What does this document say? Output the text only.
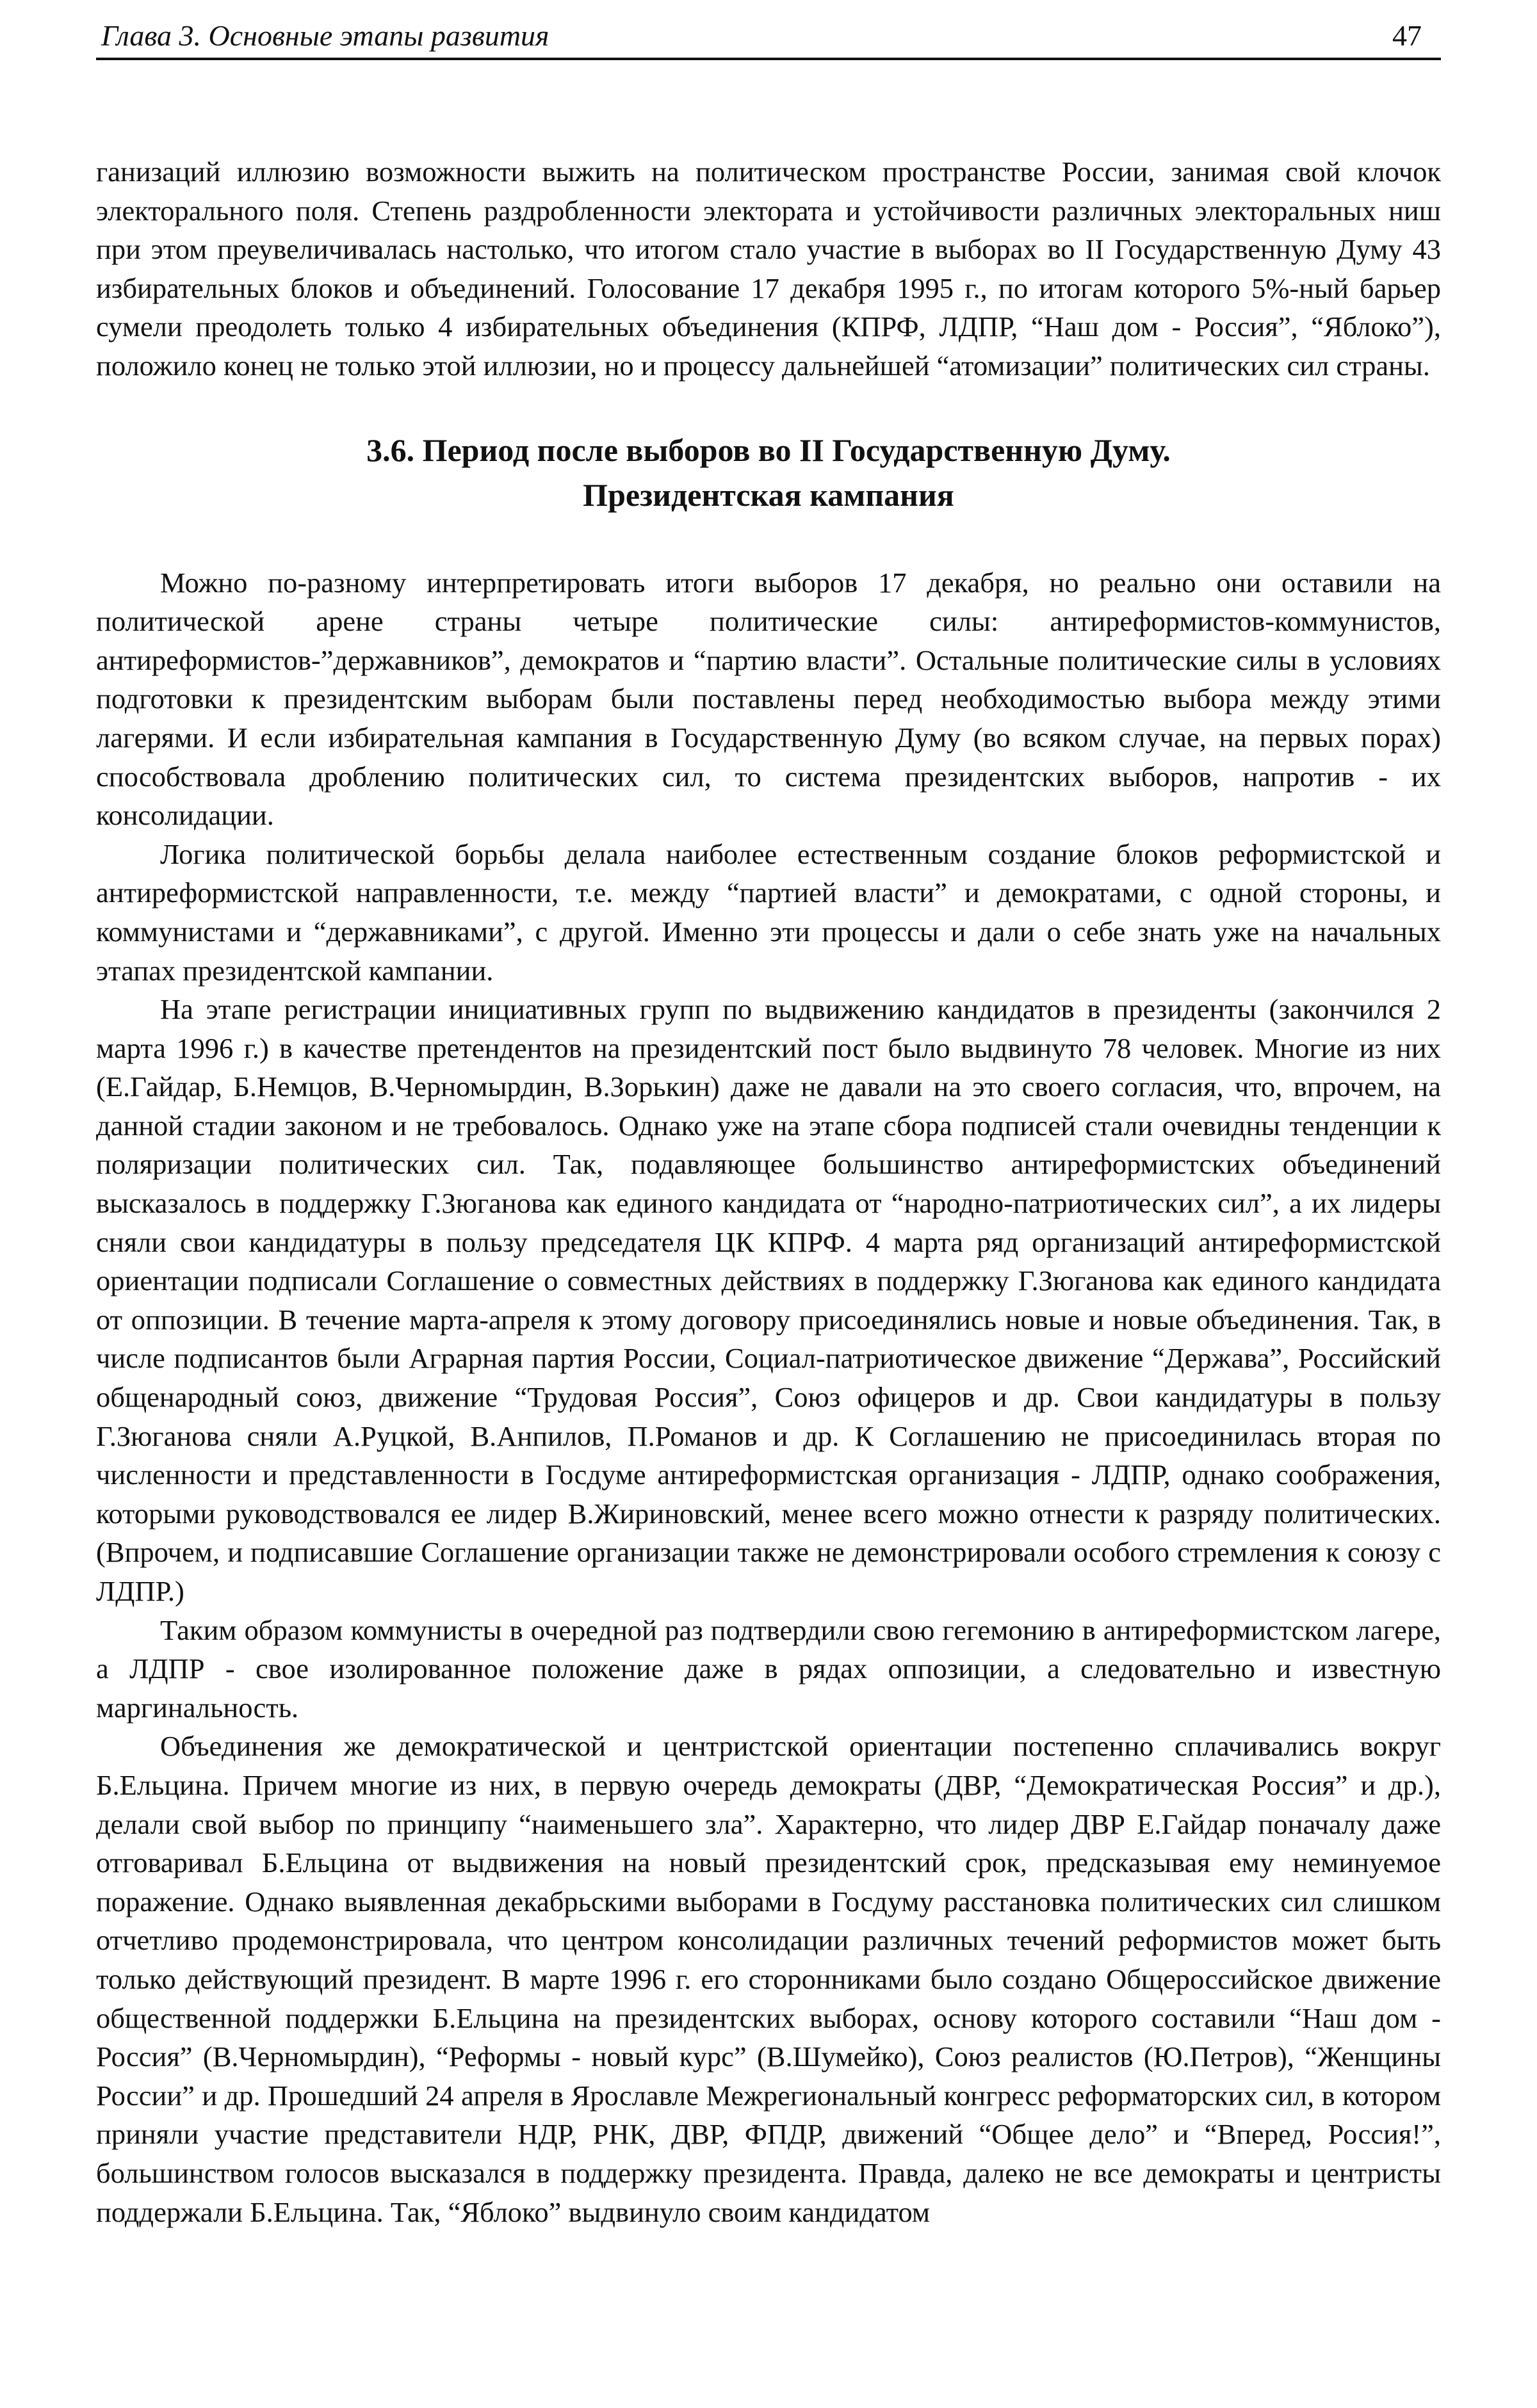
Глава 3. Основные этапы развития	47

ганизаций иллюзию возможности выжить на политическом пространстве России, занимая свой клочок электорального поля. Степень раздробленности электората и устойчивости различных электоральных ниш при этом преувеличивалась настолько, что итогом стало участие в выборах во II Государственную Думу 43 избирательных блоков и объединений. Голосование 17 декабря 1995 г., по итогам которого 5%-ный барьер сумели преодолеть только 4 избирательных объединения (КПРФ, ЛДПР, “Наш дом - Россия”, “Яблоко”), положило конец не только этой иллюзии, но и процессу дальнейшей “атомизации” политических сил страны.

3.6. Период после выборов во II Государственную Думу.
Президентская кампания

Можно по-разному интерпретировать итоги выборов 17 декабря, но реально они оставили на политической арене страны четыре политические силы: антиреформистов-коммунистов, антиреформистов-”державников”, демократов и “партию власти”. Остальные политические силы в условиях подготовки к президентским выборам были поставлены перед необходимостью выбора между этими лагерями. И если избирательная кампания в Государственную Думу (во всяком случае, на первых порах) способствовала дроблению политических сил, то система президентских выборов, напротив - их консолидации.

Логика политической борьбы делала наиболее естественным создание блоков реформистской и антиреформистской направленности, т.е. между “партией власти” и демократами, с одной стороны, и коммунистами и “державниками”, с другой. Именно эти процессы и дали о себе знать уже на начальных этапах президентской кампании.

На этапе регистрации инициативных групп по выдвижению кандидатов в президенты (закончился 2 марта 1996 г.) в качестве претендентов на президентский пост было выдвинуто 78 человек. Многие из них (Е.Гайдар, Б.Немцов, В.Черномырдин, В.Зорькин) даже не давали на это своего согласия, что, впрочем, на данной стадии законом и не требовалось. Однако уже на этапе сбора подписей стали очевидны тенденции к поляризации политических сил. Так, подавляющее большинство антиреформистских объединений высказалось в поддержку Г.Зюганова как единого кандидата от “народно-патриотических сил”, а их лидеры сняли свои кандидатуры в пользу председателя ЦК КПРФ. 4 марта ряд организаций антиреформистской ориентации подписали Соглашение о совместных действиях в поддержку Г.Зюганова как единого кандидата от оппозиции. В течение марта-апреля к этому договору присоединялись новые и новые объединения. Так, в числе подписантов были Аграрная партия России, Социал-патриотическое движение “Держава”, Российский общенародный союз, движение “Трудовая Россия”, Союз офицеров и др. Свои кандидатуры в пользу Г.Зюганова сняли А.Руцкой, В.Анпилов, П.Романов и др. К Соглашению не присоединилась вторая по численности и представленности в Госдуме антиреформистская организация - ЛДПР, однако соображения, которыми руководствовался ее лидер В.Жириновский, менее всего можно отнести к разряду политических. (Впрочем, и подписавшие Соглашение организации также не демонстрировали особого стремления к союзу с ЛДПР.)

Таким образом коммунисты в очередной раз подтвердили свою гегемонию в антиреформистском лагере, а ЛДПР - свое изолированное положение даже в рядах оппозиции, а следовательно и известную маргинальность.

Объединения же демократической и центристской ориентации постепенно сплачивались вокруг Б.Ельцина. Причем многие из них, в первую очередь демократы (ДВР, “Демократическая Россия” и др.), делали свой выбор по принципу “наименьшего зла”. Характерно, что лидер ДВР Е.Гайдар поначалу даже отговаривал Б.Ельцина от выдвижения на новый президентский срок, предсказывая ему неминуемое поражение. Однако выявленная декабрьскими выборами в Госдуму расстановка политических сил слишком отчетливо продемонстрировала, что центром консолидации различных течений реформистов может быть только действующий президент. В марте 1996 г. его сторонниками было создано Общероссийское движение общественной поддержки Б.Ельцина на президентских выборах, основу которого составили “Наш дом - Россия” (В.Черномырдин), “Реформы - новый курс” (В.Шумейко), Союз реалистов (Ю.Петров), “Женщины России” и др. Прошедший 24 апреля в Ярославле Межрегиональный конгресс реформаторских сил, в котором приняли участие представители НДР, РНК, ДВР, ФПДР, движений “Общее дело” и “Вперед, Россия!”, большинством голосов высказался в поддержку президента. Правда, далеко не все демократы и центристы поддержали Б.Ельцина. Так, “Яблоко” выдвинуло своим кандидатом
